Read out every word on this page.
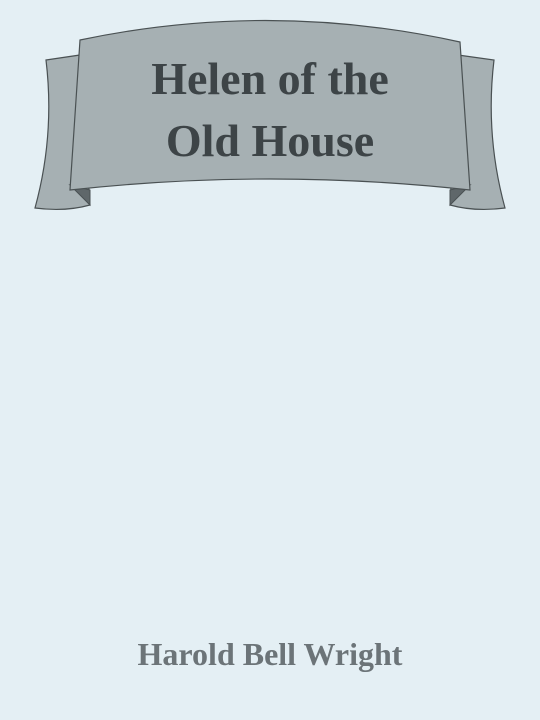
Helen of the
Old House
Harold Bell Wright
